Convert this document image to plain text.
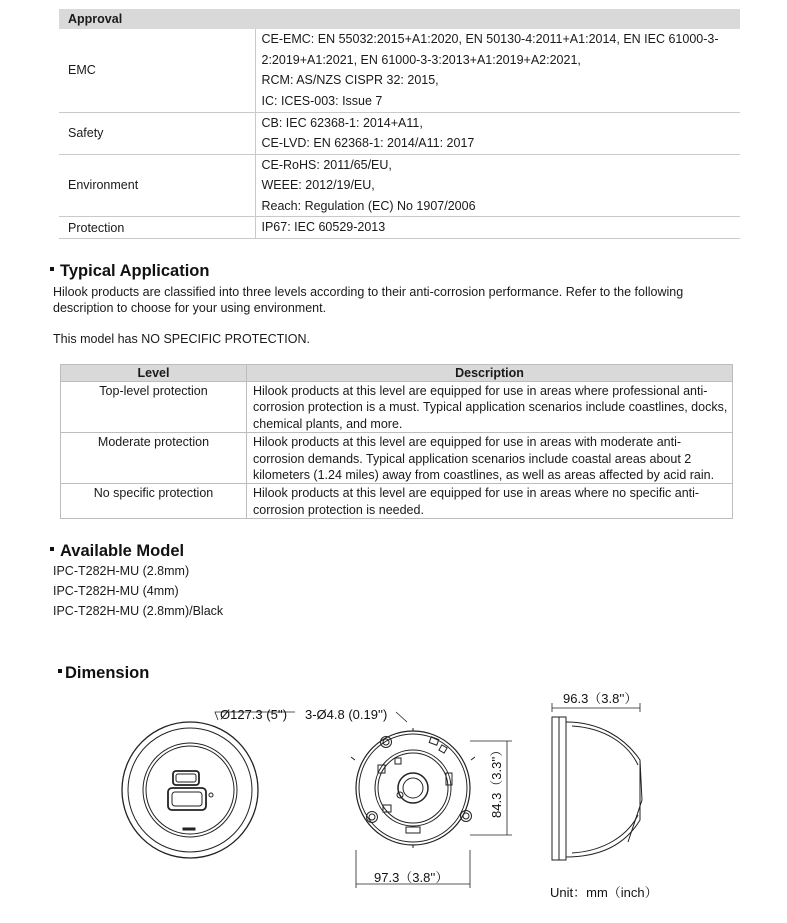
Approval	
EMC	CE-EMC: EN 55032:2015+A1:2020, EN 50130-4:2011+A1:2014, EN IEC 61000-3-
2:2019+A1:2021, EN 61000-3-3:2013+A1:2019+A2:2021,
RCM: AS/NZS CISPR 32: 2015,
IC: ICES-003: Issue 7

Safety	CB: IEC 62368-1: 2014+A11,
CE-LVD: EN 62368-1: 2014/A11: 2017

Environment	CE-RoHS: 2011/65/EU,
WEEE: 2012/19/EU,
Reach: Regulation (EC) No 1907/2006

Protection	IP67: IEC 60529-2013
Typical Application
Hilook products are classified into three levels according to their anti-corrosion performance. Refer to the following
description to choose for your using environment.
This model has NO SPECIFIC PROTECTION.
Level	Description
Top-level protection	Hilook products at this level are equipped for use in areas where professional anti-
corrosion protection is a must. Typical application scenarios include coastlines, docks,
chemical plants, and more.

Moderate protection	Hilook products at this level are equipped for use in areas with moderate anti-
corrosion demands. Typical application scenarios include coastal areas about 2
kilometers (1.24 miles) away from coastlines, as well as areas affected by acid rain.

No specific protection	Hilook products at this level are equipped for use in areas where no specific anti-
corrosion protection is needed.
Available Model
IPC-T282H-MU (2.8mm)
IPC-T282H-MU (4mm)
IPC-T282H-MU (2.8mm)/Black
Dimension
Ø127.3 (5'') 3-Ø4.8 (0.19'')
96.3（3.8''）
97.3（3.8''）
84.3（3.3''）
Unit：mm（inch）
